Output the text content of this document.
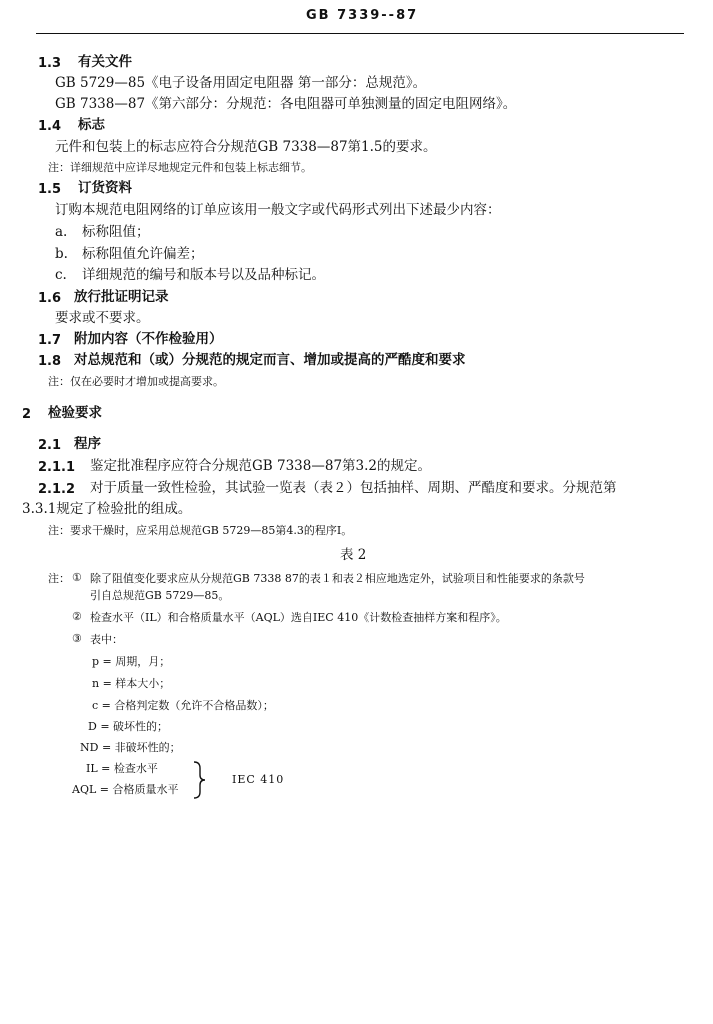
GB 7339--87
1.3 有关文件
GB 5729—85《电子设备用固定电阻器 第一部分：总规范》。
GB 7338—87《第六部分：分规范：各电阻器可单独测量的固定电阻网络》。
1.4 标志
元件和包装上的标志应符合分规范GB 7338—87第1.5的要求。
注：详细规范中应详尽地规定元件和包装上标志细节。
1.5 订货资料
订购本规范电阻网络的订单应该用一般文字或代码形式列出下述最少内容：
a. 标称阻值；
b. 标称阻值允许偏差；
c. 详细规范的编号和版本号以及品种标记。
1.6 放行批证明记录
要求或不要求。
1.7 附加内容（不作检验用）
1.8 对总规范和（或）分规范的规定而言、增加或提高的严酷度和要求
注：仅在必要时才增加或提高要求。
2 检验要求
2.1 程序
2.1.1 鉴定批准程序应符合分规范GB 7338—87第3.2的规定。
2.1.2 对于质量一致性检验，其试验一览表（表２）包括抽样、周期、严酷度和要求。分规范第
3.3.1规定了检验批的组成。
注：要求干燥时，应采用总规范GB 5729—85第4.3的程序Ⅰ。
表 2
注： ① 除了阻值变化要求应从分规范GB 7338 87的表１和表２相应地选定外，试验项目和性能要求的条款号
引自总规范GB 5729—85。
② 检查水平（IL）和合格质量水平（AQL）选自IEC 410《计数检查抽样方案和程序》。
③ 表中：
p = 周期，月；
n = 样本大小；
c = 合格判定数（允许不合格品数）；
D = 破坏性的；
ND = 非破坏性的；
IL = 检查水平
AQL = 合格质量水平
IEC 410
